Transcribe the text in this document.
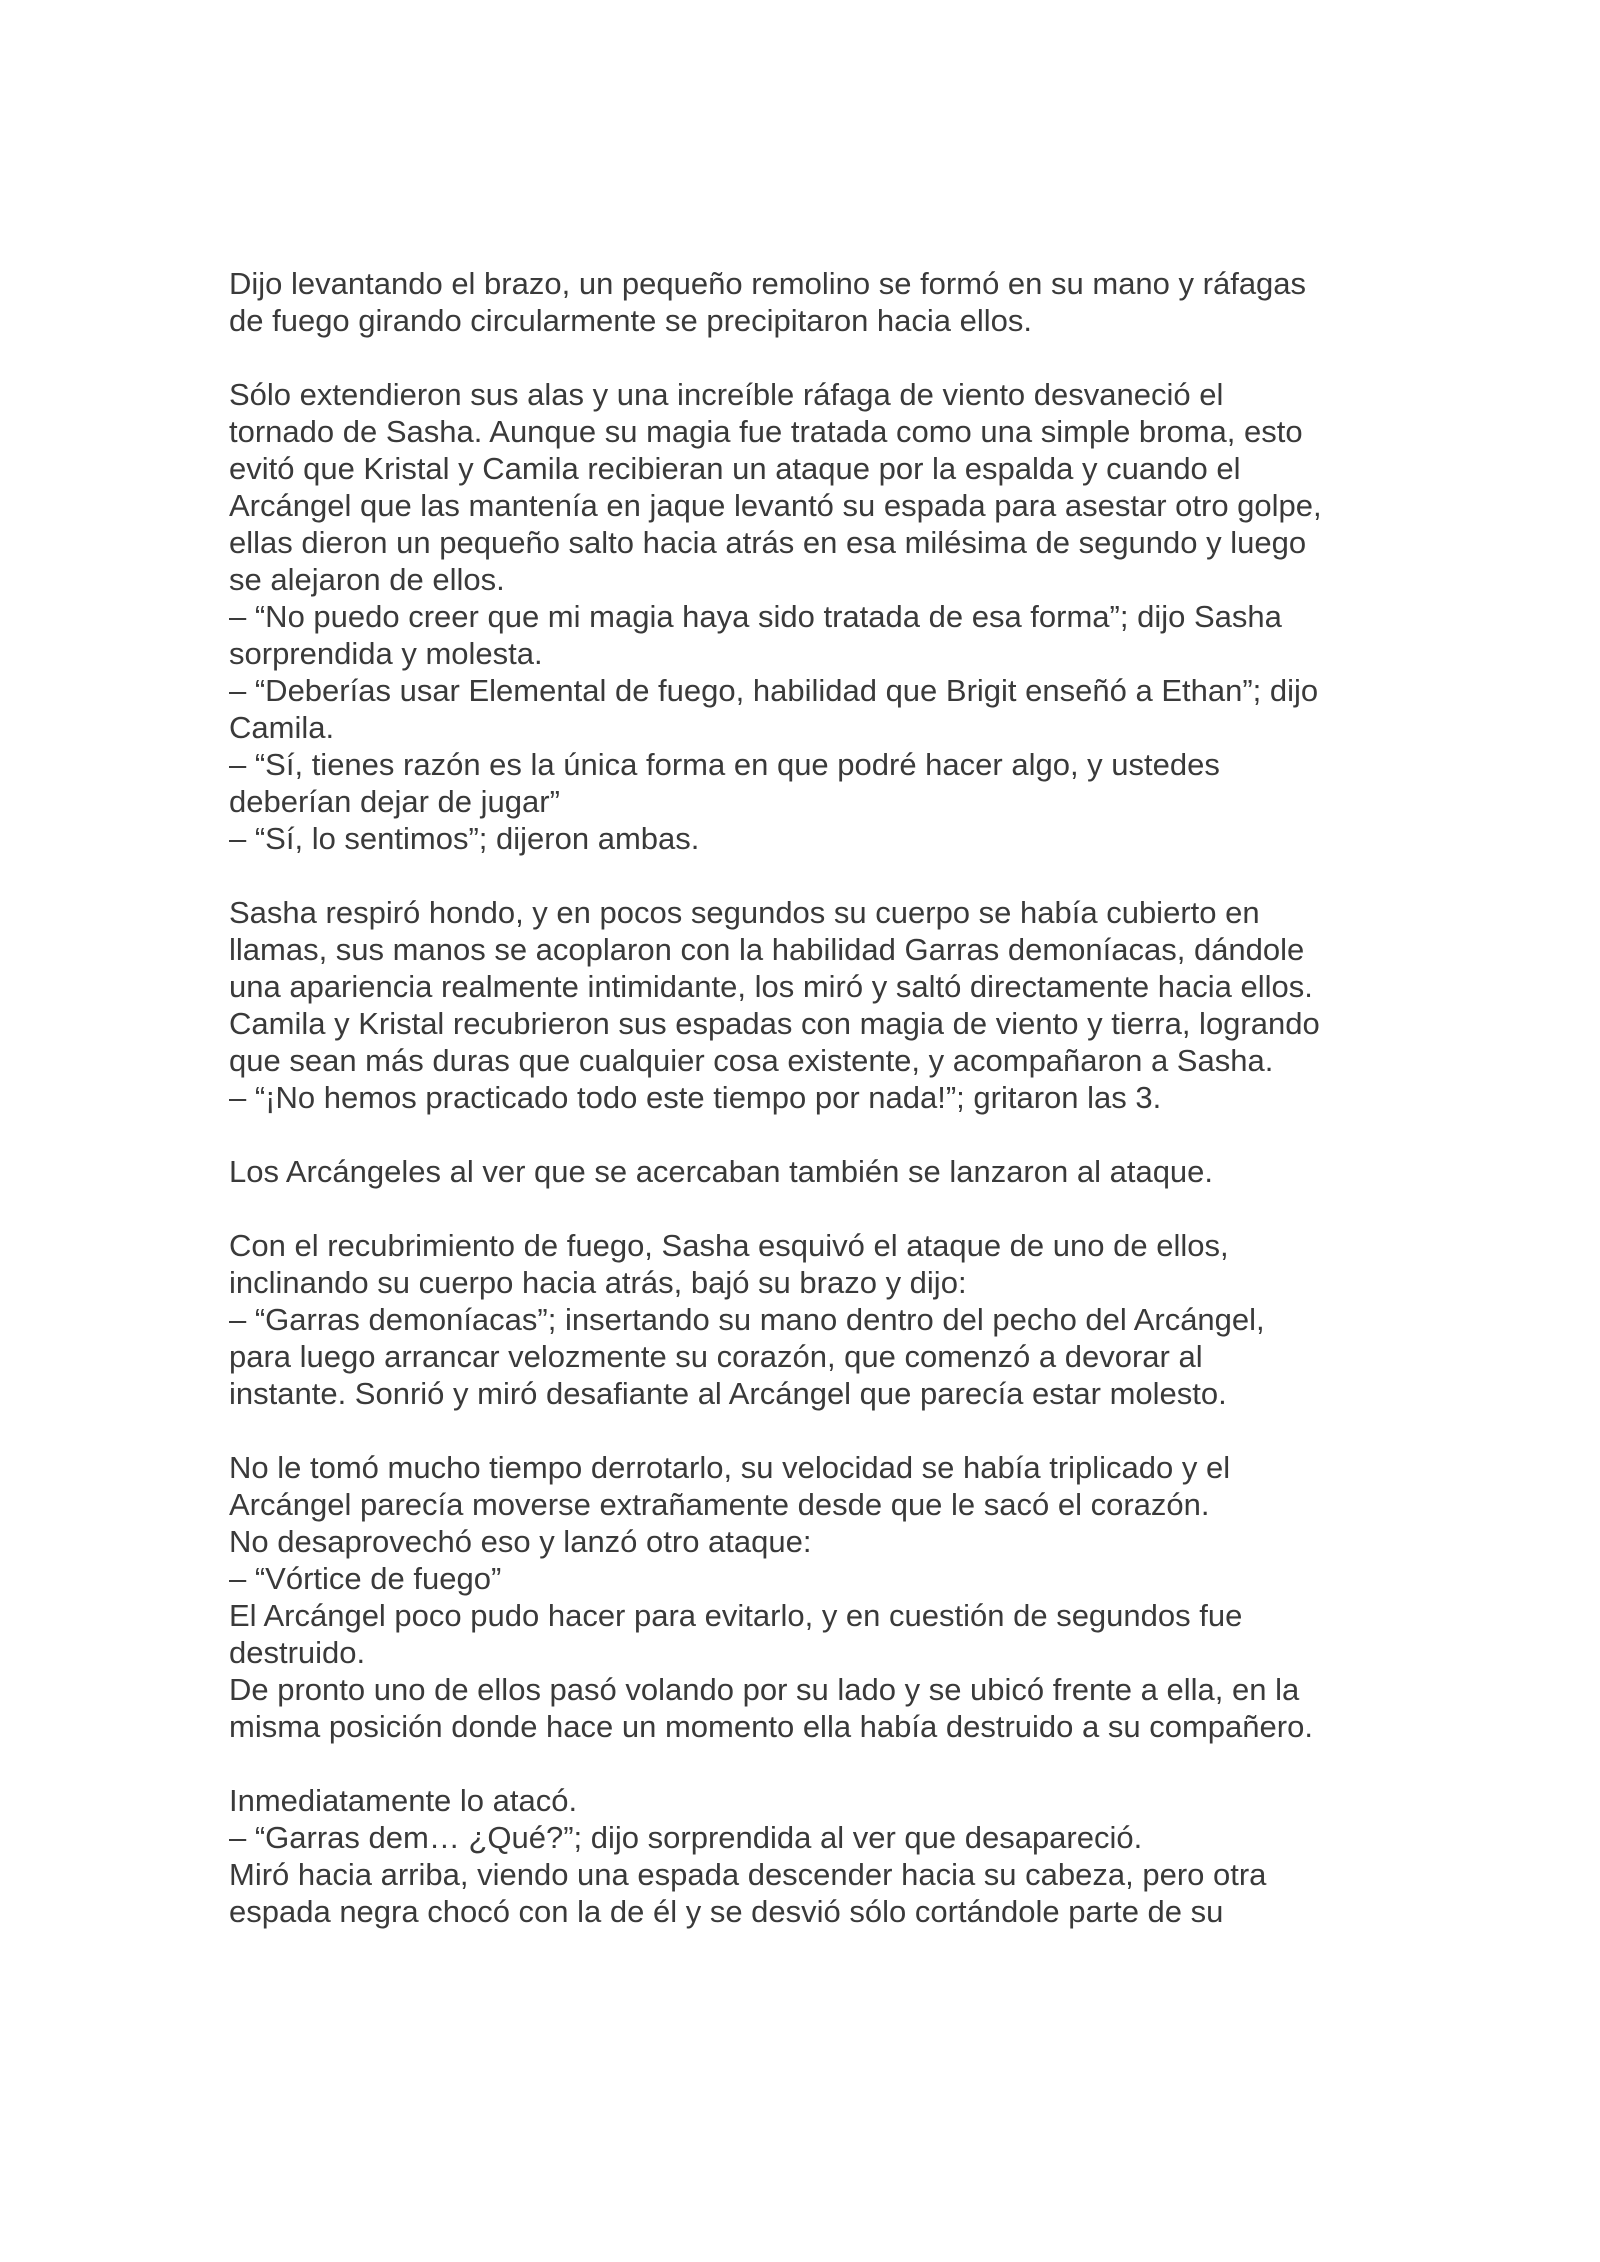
Dijo levantando el brazo, un pequeño remolino se formó en su mano y ráfagas
de fuego girando circularmente se precipitaron hacia ellos.
Sólo extendieron sus alas y una increíble ráfaga de viento desvaneció el
tornado de Sasha. Aunque su magia fue tratada como una simple broma, esto
evitó que Kristal y Camila recibieran un ataque por la espalda y cuando el
Arcángel que las mantenía en jaque levantó su espada para asestar otro golpe,
ellas dieron un pequeño salto hacia atrás en esa milésima de segundo y luego
se alejaron de ellos.
– “No puedo creer que mi magia haya sido tratada de esa forma”; dijo Sasha
sorprendida y molesta.
– “Deberías usar Elemental de fuego, habilidad que Brigit enseñó a Ethan”; dijo
Camila.
– “Sí, tienes razón es la única forma en que podré hacer algo, y ustedes
deberían dejar de jugar”
– “Sí, lo sentimos”; dijeron ambas.
Sasha respiró hondo, y en pocos segundos su cuerpo se había cubierto en
llamas, sus manos se acoplaron con la habilidad Garras demoníacas, dándole
una apariencia realmente intimidante, los miró y saltó directamente hacia ellos.
Camila y Kristal recubrieron sus espadas con magia de viento y tierra, logrando
que sean más duras que cualquier cosa existente, y acompañaron a Sasha.
– “¡No hemos practicado todo este tiempo por nada!”; gritaron las 3.
Los Arcángeles al ver que se acercaban también se lanzaron al ataque.
Con el recubrimiento de fuego, Sasha esquivó el ataque de uno de ellos,
inclinando su cuerpo hacia atrás, bajó su brazo y dijo:
– “Garras demoníacas”; insertando su mano dentro del pecho del Arcángel,
para luego arrancar velozmente su corazón, que comenzó a devorar al
instante. Sonrió y miró desafiante al Arcángel que parecía estar molesto.
No le tomó mucho tiempo derrotarlo, su velocidad se había triplicado y el
Arcángel parecía moverse extrañamente desde que le sacó el corazón.
No desaprovechó eso y lanzó otro ataque:
– “Vórtice de fuego”
El Arcángel poco pudo hacer para evitarlo, y en cuestión de segundos fue
destruido.
De pronto uno de ellos pasó volando por su lado y se ubicó frente a ella, en la
misma posición donde hace un momento ella había destruido a su compañero.
Inmediatamente lo atacó.
– “Garras dem… ¿Qué?”; dijo sorprendida al ver que desapareció.
Miró hacia arriba, viendo una espada descender hacia su cabeza, pero otra
espada negra chocó con la de él y se desvió sólo cortándole parte de su
